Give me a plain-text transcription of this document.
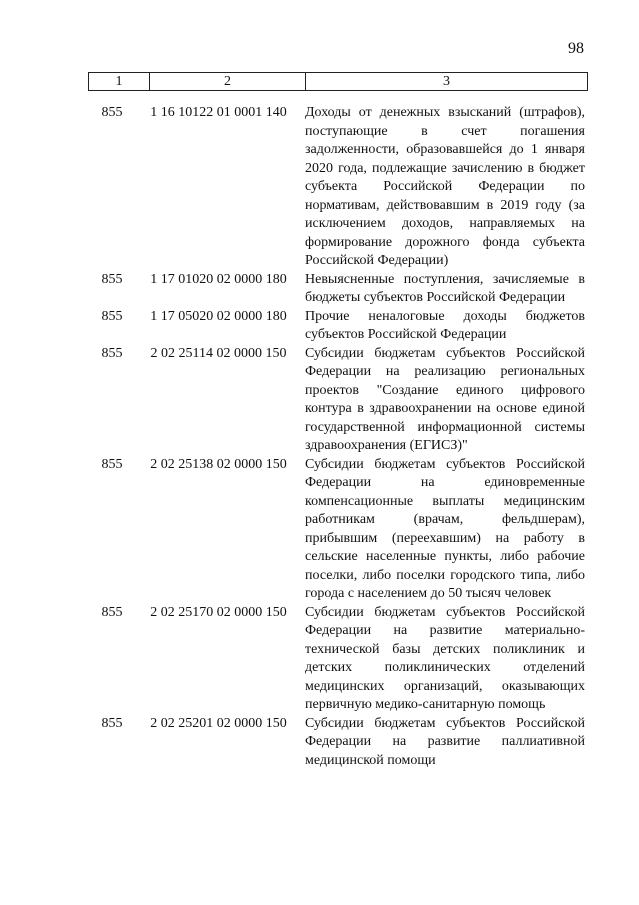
98
1	2	3
855	1 16 10122 01 0001 140	Доходы от денежных взысканий (штрафов), поступающие в счет погашения задолженности, образовавшейся до 1 января 2020 года, подлежащие зачислению в бюджет субъекта Российской Федерации по нормативам, действовавшим в 2019 году (за исключением доходов, направляемых на формирование дорожного фонда субъекта Российской Федерации)
855	1 17 01020 02 0000 180	Невыясненные поступления, зачисляемые в бюджеты субъектов Российской Федерации
855	1 17 05020 02 0000 180	Прочие неналоговые доходы бюджетов субъектов Российской Федерации
855	2 02 25114 02 0000 150	Субсидии бюджетам субъектов Российской Федерации на реализацию региональных проектов "Создание единого цифрового контура в здравоохранении на основе единой государственной информационной системы здравоохранения (ЕГИСЗ)"
855	2 02 25138 02 0000 150	Субсидии бюджетам субъектов Российской Федерации на единовременные компенсационные выплаты медицинским работникам (врачам, фельдшерам), прибывшим (переехавшим) на работу в сельские населенные пункты, либо рабочие поселки, либо поселки городского типа, либо города с населением до 50 тысяч человек
855	2 02 25170 02 0000 150	Субсидии бюджетам субъектов Российской Федерации на развитие материально-технической базы детских поликлиник и детских поликлинических отделений медицинских организаций, оказывающих первичную медико-санитарную помощь
855	2 02 25201 02 0000 150	Субсидии бюджетам субъектов Российской Федерации на развитие паллиативной медицинской помощи
